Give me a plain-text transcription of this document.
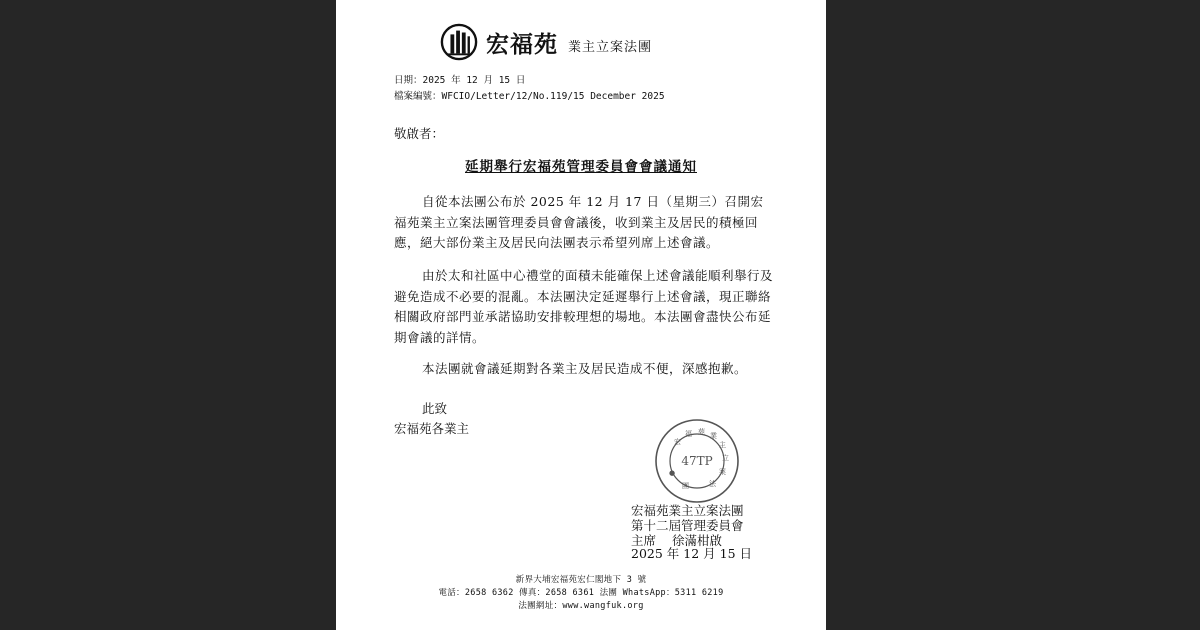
宏福苑 業主立案法團
日期：2025 年 12 月 15 日
檔案編號：WFCIO/Letter/12/No.119/15 December 2025
敬啟者：
延期舉行宏福苑管理委員會會議通知
自從本法團公布於 2025 年 12 月 17 日（星期三）召開宏福苑業主立案法團管理委員會會議後，收到業主及居民的積極回應，絕大部份業主及居民向法團表示希望列席上述會議。
由於太和社區中心禮堂的面積未能確保上述會議能順利舉行及避免造成不必要的混亂。本法團決定延遲舉行上述會議，現正聯絡相關政府部門並承諾協助安排較理想的場地。本法團會盡快公布延期會議的詳情。
本法團就會議延期對各業主及居民造成不便，深感抱歉。
此致
宏福苑各業主
宏
福 苑 業
主
立
案
法
團
●
47TP
宏福苑業主立案法團
第十二屆管理委員會
主席 徐滿柑啟
2025 年 12 月 15 日
新界大埔宏福苑宏仁閣地下 3 號
電話：2658 6362 傳真：2658 6361 法團 WhatsApp：5311 6219
法團網址：www.wangfuk.org
